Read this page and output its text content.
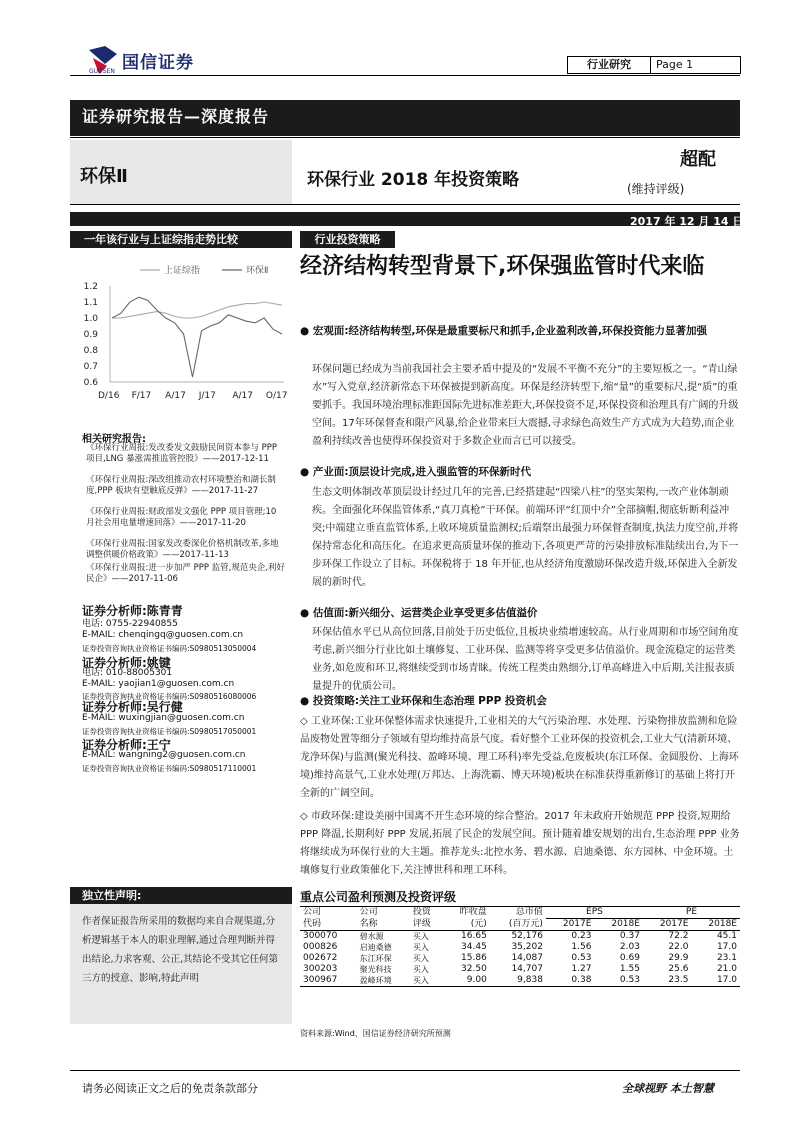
国信证券
GUOSEN
行业研究	Page 1
证券研究报告—深度报告
环保Ⅱ	环保行业 2018 年投资策略
超配
(维持评级)
2017 年 12 月 14 日
一年该行业与上证综指走势比较
1.2
1.1
1.0
0.9
0.8
0.7
0.6
D/16 F/17 A/17 J/17 A/17 O/17
上证综指	环保Ⅱ
相关研究报告:
《环保行业周报:发改委发文鼓励民间资本参与 PPP 项目,LNG 暴涨需推监管控股》——2017-12-11
《环保行业周报:深改组推动农村环境整治和湖长制度,PPP 板块有望触底反弹》——2017-11-27
《环保行业周报:财政部发文强化 PPP 项目管理;10 月社会用电量增速回落》——2017-11-20
《环保行业周报:国家发改委深化价格机制改革,多地调整供暖价格政策》——2017-11-13
《环保行业周报:进一步加严 PPP 监管,规范央企,利好民企》——2017-11-06
证券分析师:陈青青
电话: 0755-22940855
E-MAIL: chenqingq@guosen.com.cn
证券投资咨询执业资格证书编码:S0980513050004
证券分析师:姚键
电话: 010-88005301
E-MAIL: yaojian1@guosen.com.cn
证券投资咨询执业资格证书编码:S0980516080006
证券分析师:吴行健
E-MAIL: wuxingjian@guosen.com.cn
证券投资咨询执业资格证书编码:S0980517050001
证券分析师:王宁
E-MAIL: wangning2@guosen.com.cn
证券投资咨询执业资格证书编码:S0980517110001
独立性声明:
作者保证报告所采用的数据均来自合规渠道,分析逻辑基于本人的职业理解,通过合理判断并得出结论,力求客观、公正,其结论不受其它任何第三方的授意、影响,特此声明
行业投资策略
经济结构转型背景下,环保强监管时代来临
● 宏观面:经济结构转型,环保是最重要标尺和抓手,企业盈利改善,环保投资能力显著加强
环保问题已经成为当前我国社会主要矛盾中提及的“发展不平衡不充分”的主要短板之一。“青山绿水”写入党章,经济新常态下环保被提到新高度。环保是经济转型下,缩“量”的重要标尺,提“质”的重要抓手。我国环境治理标准距国际先进标准差距大,环保投资不足,环保投资和治理具有广阔的升级空间。17年环保督查和限产风暴,给企业带来巨大震撼,寻求绿色高效生产方式成为大趋势,而企业盈利持续改善也使得环保投资对于多数企业而言已可以接受。
● 产业面:顶层设计完成,进入强监管的环保新时代
生态文明体制改革顶层设计经过几年的完善,已经搭建起“四梁八柱”的坚实架构,一改产业体制顽疾。全面强化环保监管体系,“真刀真枪”干环保。前端环评“红顶中介”全部摘帽,彻底斩断利益冲突;中端建立垂直监管体系,上收环境质量监测权;后端祭出最强力环保督查制度,执法力度空前,并将保持常态化和高压化。在追求更高质量环保的推动下,各项更严苛的污染排放标准陆续出台,为下一步环保工作设立了目标。环保税将于 18 年开征,也从经济角度激励环保改造升级,环保进入全新发展的新时代。
● 估值面:新兴细分、运营类企业享受更多估值溢价
环保估值水平已从高位回落,目前处于历史低位,且板块业绩增速较高。从行业周期和市场空间角度考虑,新兴细分行业比如土壤修复、工业环保、监测等将享受更多估值溢价。现金流稳定的运营类业务,如危废和环卫,将继续受到市场青睐。传统工程类由熟细分,订单高峰进入中后期,关注报表质量提升的优质公司。
● 投资策略:关注工业环保和生态治理 PPP 投资机会
◇ 工业环保:工业环保整体需求快速提升,工业相关的大气污染治理、水处理、污染物排放监测和危险品废物处置等细分子领域有望均维持高景气度。看好整个工业环保的投资机会,工业大气(清新环境、龙净环保)与监测(聚光科技、盈峰环境、理工环科)率先受益,危废板块(东江环保、金圆股份、上海环境)维持高景气,工业水处理(万邦达、上海洗霸、博天环境)板块在标准获得重新修订的基础上将打开全新的广阔空间。
◇ 市政环保:建设美丽中国离不开生态环境的综合整治。2017 年末政府开始规范 PPP 投资,短期给 PPP 降温,长期利好 PPP 发展,拓展了民企的发展空间。预计随着雄安规划的出台,生态治理 PPP 业务将继续成为环保行业的大主题。推荐龙头:北控水务、碧水源、启迪桑德、东方园林、中金环境。土壤修复行业政策催化下,关注博世科和理工环科。
重点公司盈利预测及投资评级
公司	公司	投资	昨收盘	总市值	EPS		PE	
代码	名称	评级	(元)	(百万元)	2017E	2018E	2017E	2018E
300070	碧水源	买入	16.65	52,176	0.23	0.37	72.2	45.1
000826	启迪桑德	买入	34.45	35,202	1.56	2.03	22.0	17.0
002672	东江环保	买入	15.86	14,087	0.53	0.69	29.9	23.1
300203	聚光科技	买入	32.50	14,707	1.27	1.55	25.6	21.0
300967	盈峰环境	买入	9.00	9,838	0.38	0.53	23.5	17.0
资料来源:Wind、国信证券经济研究所预测
请务必阅读正文之后的免责条款部分	全球视野 本土智慧
